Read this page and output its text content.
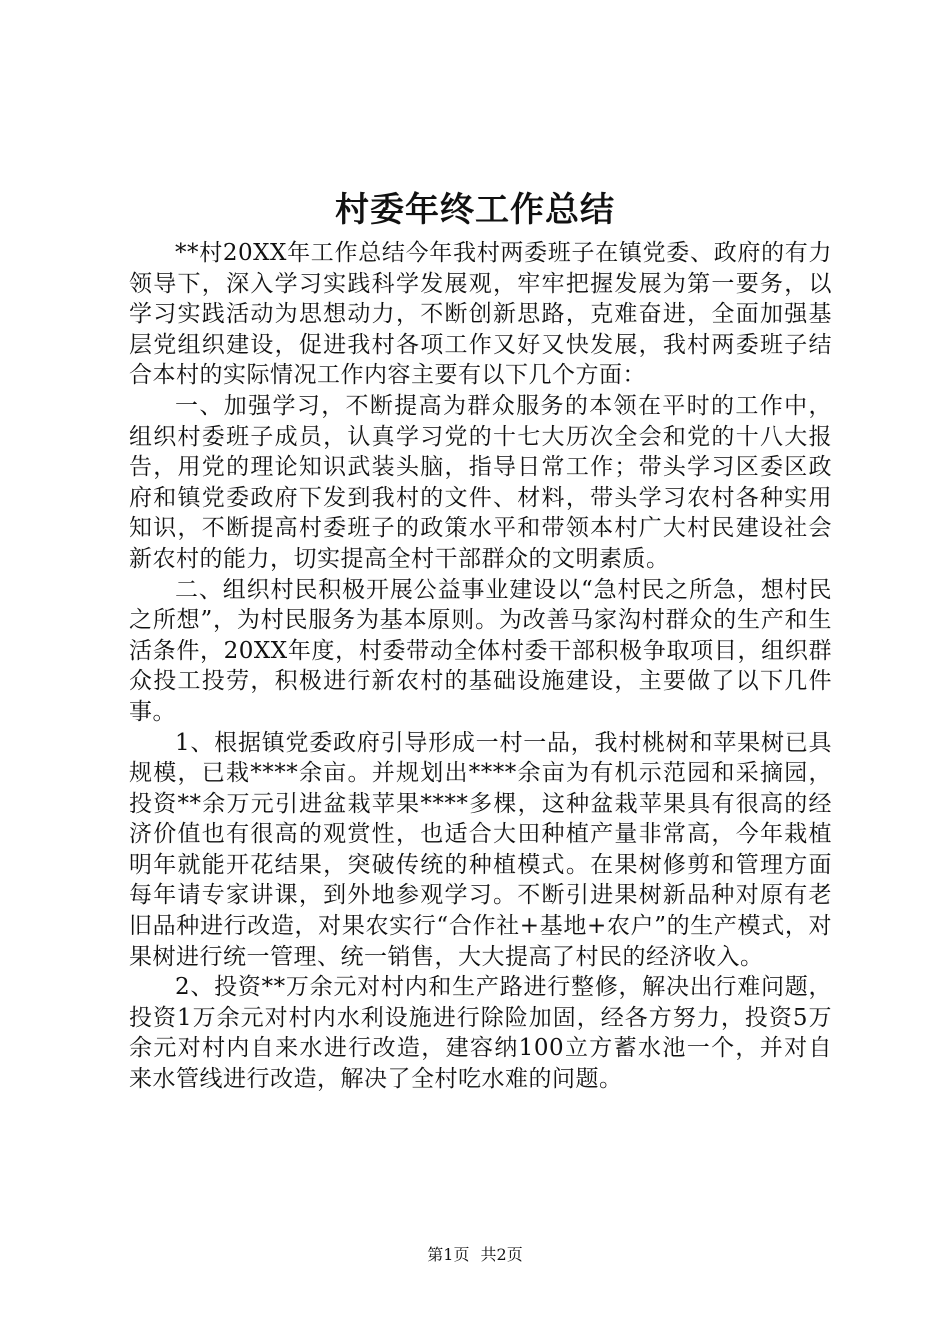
村委年终工作总结

**村20XX年工作总结今年我村两委班子在镇党委、政府的有力领导下，深入学习实践科学发展观，牢牢把握发展为第一要务，以学习实践活动为思想动力，不断创新思路，克难奋进，全面加强基层党组织建设，促进我村各项工作又好又快发展，我村两委班子结合本村的实际情况工作内容主要有以下几个方面：

一、加强学习，不断提高为群众服务的本领在平时的工作中，组织村委班子成员，认真学习党的十七大历次全会和党的十八大报告，用党的理论知识武装头脑，指导日常工作；带头学习区委区政府和镇党委政府下发到我村的文件、材料，带头学习农村各种实用知识，不断提高村委班子的政策水平和带领本村广大村民建设社会新农村的能力，切实提高全村干部群众的文明素质。

二、组织村民积极开展公益事业建设以“急村民之所急，想村民之所想”，为村民服务为基本原则。为改善马家沟村群众的生产和生活条件，20XX年度，村委带动全体村委干部积极争取项目，组织群众投工投劳，积极进行新农村的基础设施建设，主要做了以下几件事。

1、根据镇党委政府引导形成一村一品，我村桃树和苹果树已具规模，已栽****余亩。并规划出****余亩为有机示范园和采摘园，投资**余万元引进盆栽苹果****多棵，这种盆栽苹果具有很高的经济价值也有很高的观赏性，也适合大田种植产量非常高，今年栽植明年就能开花结果，突破传统的种植模式。在果树修剪和管理方面每年请专家讲课，到外地参观学习。不断引进果树新品种对原有老旧品种进行改造，对果农实行“合作社+基地+农户”的生产模式，对果树进行统一管理、统一销售，大大提高了村民的经济收入。

2、投资**万余元对村内和生产路进行整修，解决出行难问题，投资1万余元对村内水利设施进行除险加固，经各方努力，投资5万余元对村内自来水进行改造，建容纳100立方蓄水池一个，并对自来水管线进行改造，解决了全村吃水难的问题。

第1页 共2页
